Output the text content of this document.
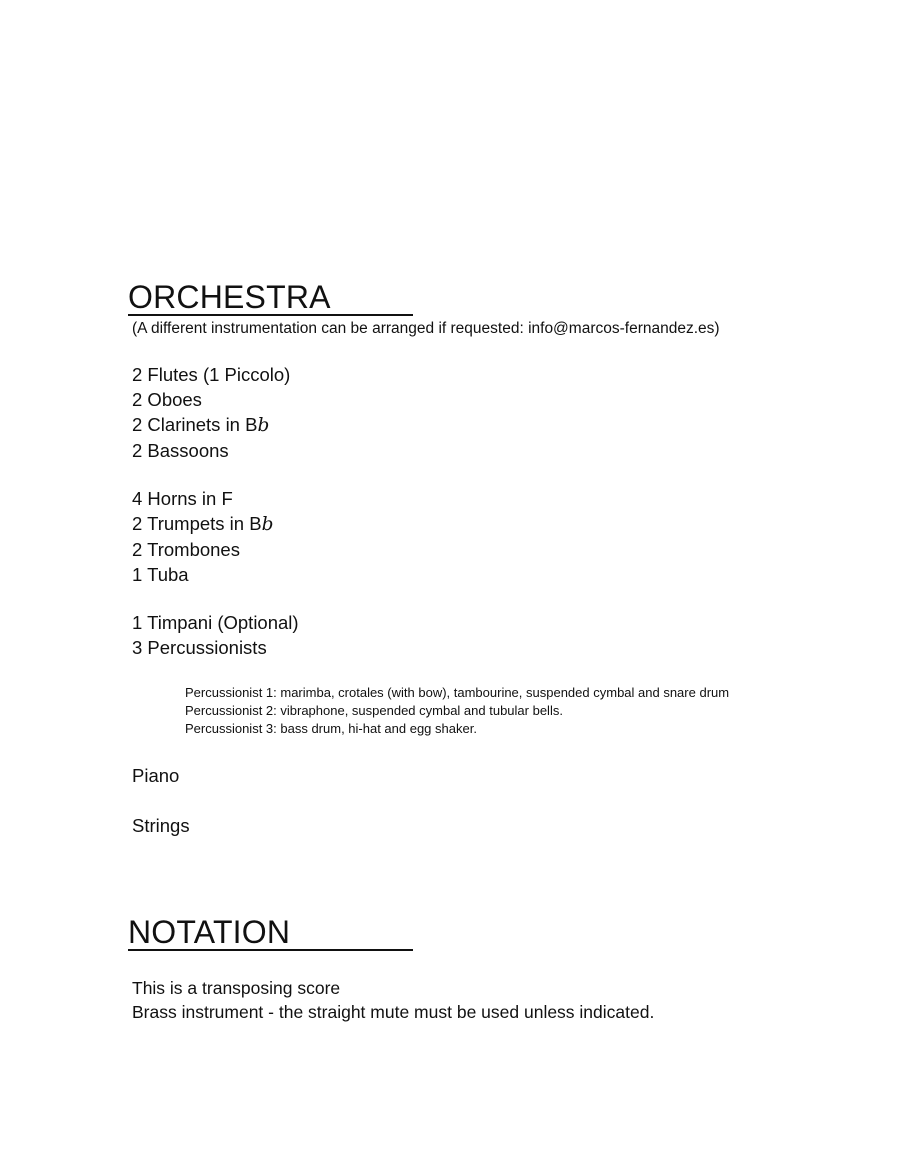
ORCHESTRA
(A different instrumentation can be arranged if requested: info@marcos-fernandez.es)
2 Flutes (1 Piccolo)
2 Oboes
2 Clarinets in Bb
2 Bassoons
4 Horns in F
2 Trumpets in Bb
2 Trombones
1 Tuba
1 Timpani (Optional)
3 Percussionists
Percussionist 1: marimba, crotales (with bow), tambourine, suspended cymbal and snare drum
Percussionist 2: vibraphone, suspended cymbal and tubular bells.
Percussionist 3: bass drum, hi-hat and egg shaker.
Piano
Strings
NOTATION
This is a transposing score
Brass instrument - the straight mute must be used unless indicated.
